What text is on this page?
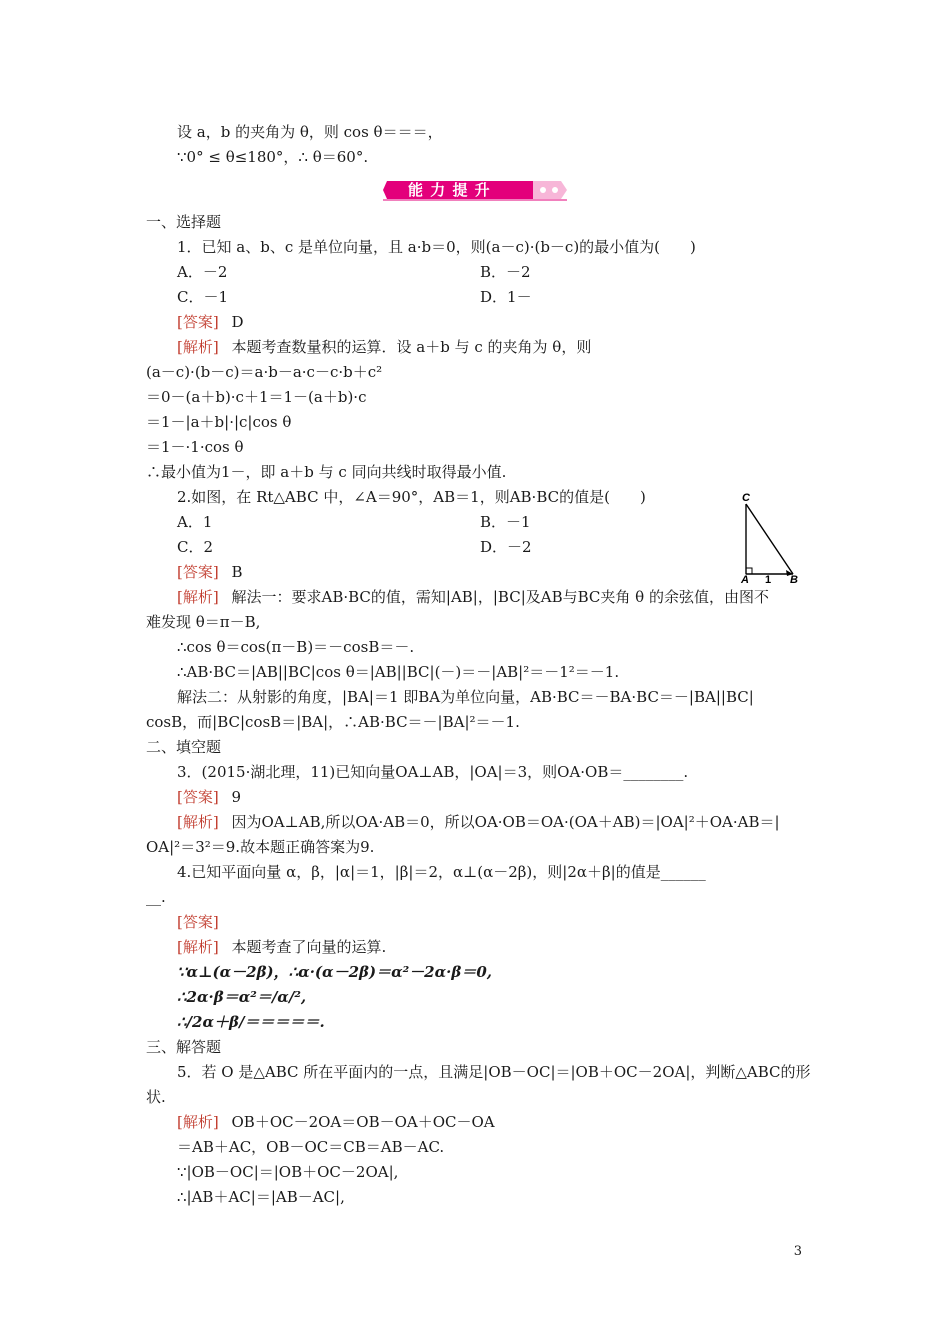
设 a，b 的夹角为 θ，则 cos θ＝＝＝，
∵0° ≤ θ≤180°，∴ θ＝60°.
能 力 提 升
一、选择题
1．已知 a、b、c 是单位向量，且 a·b＝0，则(a－c)·(b－c)的最小值为(　　)
A．－2	B．－2
C．－1	D．1－
[答案] D
[解析] 本题考查数量积的运算．设 a＋b 与 c 的夹角为 θ，则
(a－c)·(b－c)＝a·b－a·c－c·b＋c²
＝0－(a＋b)·c＋1＝1－(a＋b)·c
＝1－|a＋b|·|c|cos θ
＝1－·1·cos θ
∴最小值为1－，即 a＋b 与 c 同向共线时取得最小值.
2.如图，在 Rt△ABC 中，∠A＝90°，AB＝1，则AB·BC的值是(　　)
A．1	B．－1
C．2	D．－2
C
A 1 B
[答案] B
[解析] 解法一：要求AB·BC的值，需知|AB|，|BC|及AB与BC夹角 θ 的余弦值，由图不
难发现 θ＝π－B,
∴cos θ＝cos(π－B)＝－cosB＝－.
∴AB·BC＝|AB||BC|cos θ＝|AB||BC|(－)＝－|AB|²＝－1²＝－1.
解法二：从射影的角度，|BA|＝1 即BA为单位向量，AB·BC＝－BA·BC＝－|BA||BC|
cosB，而|BC|cosB＝|BA|，∴AB·BC＝－|BA|²＝－1.
二、填空题
3．(2015·湖北理，11)已知向量OA⊥AB，|OA|＝3，则OA·OB＝________.
[答案] 9
[解析] 因为OA⊥AB,所以OA·AB＝0，所以OA·OB＝OA·(OA＋AB)＝|OA|²＋OA·AB＝|
OA|²＝3²＝9.故本题正确答案为9.
4.已知平面向量 α，β，|α|＝1，|β|＝2，α⊥(α－2β)，则|2α＋β|的值是______
__.
[答案]
[解析] 本题考查了向量的运算.
∵α⊥(α－2β)，∴α·(α－2β)＝α²－2α·β＝0,
∴2α·β＝α²＝/α/²,
∴/2α＋β/＝＝＝＝＝.
三、解答题
5．若 O 是△ABC 所在平面内的一点，且满足|OB－OC|＝|OB＋OC－2OA|，判断△ABC的形
状.
[解析] OB＋OC－2OA＝OB－OA＋OC－OA
＝AB＋AC，OB－OC＝CB＝AB－AC.
∵|OB－OC|＝|OB＋OC－2OA|,
∴|AB＋AC|＝|AB－AC|,
3
